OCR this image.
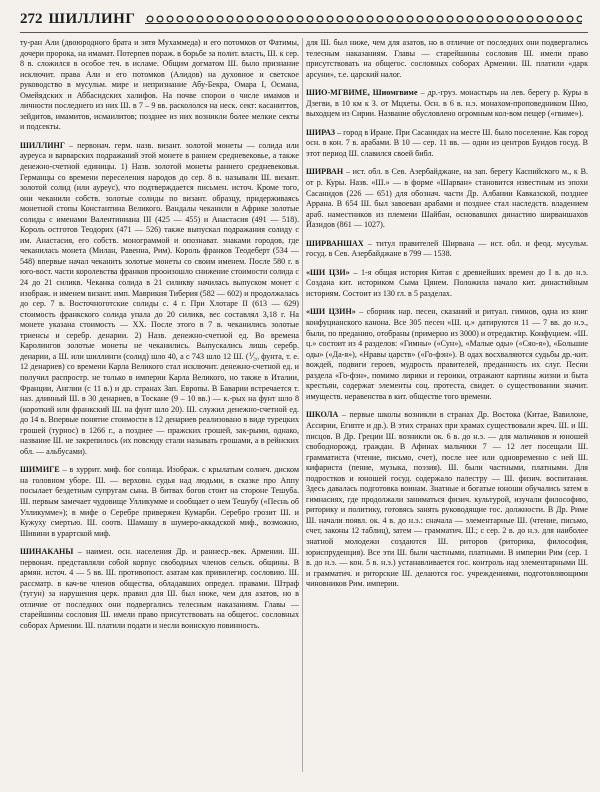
272 ШИЛЛИНГ

ту-ран Али (двоюродного брата и зятя Мухаммеда) и его потомков от Фатимы, дочери пророка, на имамат. Потерпев пораж. в борьбе за полит. власть, Ш. к сер. 8 в. сложился в особое теч. в исламе. Общим догматом Ш. было признание исключит. права Али и его потомков (Алидов) на духовное и светское руководство в мусульм. мире и непризнание Абу-Бекра, Омара I, Османа, Омейядских и Аббасидских халифов. На почве спорои о числе имамов и личности последнего из них Ш. в 7 – 9 вв. раскололся на неск. сект: касаниттов, зейдитов, имамитов, исмаилитов; позднее из них возникли более мелкие секты и подсекты.

ШИЛЛИНГ – первонач. герм. назв. визант. золотой монеты — солида или ауреуса и варварских подражаний этой монете в раннем средневековье, а также денежно-счетной единицы. 1) Назв. золотой монеты раннего средневековья. Германцы со времени переселения народов до сер. 8 в. называли Ш. визант. золотой солид (или ауреус), что подтверждается письмен. источ. Кроме того, они чеканили собств. золотые солиды по визант. образцу, придерживаясь монетной стопы Константина Великого. Вандалы чеканили в Африке золотые солиды с именами Валентиниана III (425 — 455) и Анастасия (491 — 518). Король остготов Теодорих (471 — 526) также выпускал подражания солиду с им. Анастасия, его собств. монограммой и опознават. знаками городов, где чеканилась монета (Милан, Равенна, Рим). Король франков Теодеберт (534 — 548) впервые начал чеканить золотые монеты со своим именем. После 580 г. в юго-вост. части королевства франков прооизошло снижение стоимости солида с 24 до 21 силикв. Чеканка солида в 21 силикву начилась выпуском монет с изображ. и именем визант. имп. Маврикия Тиберия (582 — 602) и продолжалась до сер. 7 в. Восточноготские солиды с. 4 г. При Хлотаре II (613 — 629) стоимость франкского солида упала до 20 силикв, вес составлял 3,18 г. На монете указана стоимость — XX. После этого в 7 в. чеканились золотые триенсы и серебр. денарии. 2) Назв. денежно-счетной ед. Во времена Каролингов золотые монеты не чеканились. Выпускались лишь серебр. денарии, а Ш. или шиллинги (солид) шло 40, а с 743 шло 12 Ш. (⅟₂₀ фунта, т. е. 12 денариев) со времени Карла Великого стал исключит. денежно-счетной ед. и получил распростр. не только в империи Карла Великого, но также в Италии, Франции, Англии (с 11 в.) и др. странах Зап. Европы. В Баварии встречается т. наз. длинный Ш. в 30 денариев, в Тоскане (9 – 10 вв.) — к.-рых на фунт шло 8 (короткий или франкский Ш. на фунт шло 20). Ш. служил денежно-счетной ед. до 14 в. Впервые понятие стоимости в 12 денариев реализовано в виде турецких грошей (турнос) в 1266 г., а позднее — пражских грошей, зак-рыми, однако, название Ш. не закрепилось (их повсюду стали называть грошами, а в рейнских обл. — альбусами).

ШИМИГЕ – в хуррит. миф. бог солнца. Изображ. с крылатым солнеч. диском на головном уборе. Ш. — верховн. судья над людьми, в сказке про Аппу посылает бездетным супругам сына. В битвах богов стоит на стороне Тешуба. Ш. первым замечает чудовище Улликумме и сообщает о нем Тешубу («Песнь об Улликумме»); в мифе о Серебре привержен Кумарби. Серебро грозит Ш. и Кужуху смертью. Ш. соотв. Шамашу в шумеро-аккадской миф., возможно, Шивини в урартской миф.

ШИНАКАНЫ – наимен. осн. населения Др. и раннеср.-век. Армении. Ш. первонач. представляли собой корпус свободных членов сельск. общины. В армян. источ. 4 — 5 вв. Ш. противопост. азатам как привилегир. сословию. Ш. рассматр. в кач-ве членов общества, обладавших определ. правами. Штраф (тугун) за нарушения церк. правил для Ш. был ниже, чем для азатов, но в отличие от последних они подвергались телесным наказаниям. Главы — старейшины сословия Ш. имели право присутствовать на общегос. сословных соборах Армении. Ш. платили подати и несли воинскую повинность.

для Ш. был ниже, чем для азатов, но в отличие от последних они подвергались телесным наказаниям. Главы — старейшины сословия Ш. имели право присутствовать на общегос. сословных соборах Армении. Ш. платили «дарк арсуни», т.е. царский налог.

ШИО-МГВИМЕ, Шиомгвиме – др.-груз. монастырь на лев. берегу р. Куры в Дзегви, в 10 км к З. от Мцхеты. Осн. в 6 в. н.э. монахом-проповедником Шио, выходцем из Сирии. Название обусловлено огромным кол-вом пещер («гвиме»).

ШИРАЗ – город в Иране. При Сасанидах на месте Ш. было поселение. Как город осн. в кон. 7 в. арабами. В 10 — сер. 11 вв. — одни из центров Буидов госуд. В этот период Ш. славился своей библ.

ШИРВАН – ист. обл. в Сев. Азербайджане, на зап. берегу Каспийского м., к В. от р. Куры. Назв. «Ш.» — в форме «Шарван» становится известным из эпохи Сасанидов (226 — 651) для обознач. части Др. Албании Кавказской, позднее Аррана. В 654 Ш. был завоеван арабами и позднее стал наследств. владением араб. наместников из племени Шайбан, основавших династию ширваншахов Йазидов (861 — 1027).

ШИРВАНШАХ – титул правителей Ширвана — ист. обл. и феод. мусульм. госуд. в Сев. Азербайджане в 799 — 1538.

«ШИ ЦЗИ» – 1-я общая история Китая с древнейших времен до I в. до н.э. Создана кит. историком Сыма Цянем. Положила начало кит. династийным историям. Состоит из 130 гл. в 5 разделах.

«ШИ ЦЗИН» – сборник нар. песен, сказаний и ритуал. гимнов, одна из книг конфуцианского канона. Все 305 песен «Ш. ц.» датируются 11 — 7 вв. до н.э., были, по преданию, отобраны (примерно из 3000) и отредактир. Конфуцием. «Ш. ц.» состоит из 4 разделов: «Гимны» («Сун»), «Малые оды» («Сяо-я»), «Большие оды» («Да-я»), «Нравы царств» («Го-фэн»). В одах восхваляются судьбы др.-кит. вождей, подвиги героев, мудрость правителей, преданность их слуг. Песни раздела «Го-фэн», помимо лирики и героики, отражают картины жизни и быта крестьян, содержат элементы соц. протеста, свидет. о существовании значит. имуществ. неравенства в кит. обществе того времени.

ШКОЛА – первые школы возникли в странах Др. Востока (Китае, Вавилоне, Ассирии, Египте и др.). В этих странах при храмах существовали жреч. Ш. и Ш. писцов. В Др. Греции Ш. возникли ок. 6 в. до н.э. — для мальчиков и юношей свободнорожд. граждан. В Афинах мальчики 7 — 12 лет посещали Ш. грамматиста (чтение, письмо, счет), после нее или одновременно с ней Ш. кифариста (пение, музыка, поэзия). Ш. были частными, платными. Для подростков и юношей госуд. содержало палестру — Ш. физич. воспитания. Здесь давалась подготовка воинам. Знатные и богатые юноши обучались затем в гимнасиях, где продолжали заниматься физич. культурой, изучали философию, риторику и политику, готовясь занять руководящие гос. должности. В Др. Риме Ш. начали появл. ок. 4 в. до н.э.: сначала — элементарные Ш. (чтение, письмо, счет, законы 12 таблиц), затем — грамматич. Ш.; с сер. 2 в. до н.э. для наиболее знатной молодежи создаются Ш. риторов (риторика, философия, юриспруденция). Все эти Ш. были частными, платными. В империи Рим (сер. 1 в. до н.э. — кон. 5 в. н.э.) устанавливается гос. контроль над элементарными Ш. и грамматич. и риторские Ш. делаются гос. учреждениями, подготовляющими чиновников Рим. империи.
